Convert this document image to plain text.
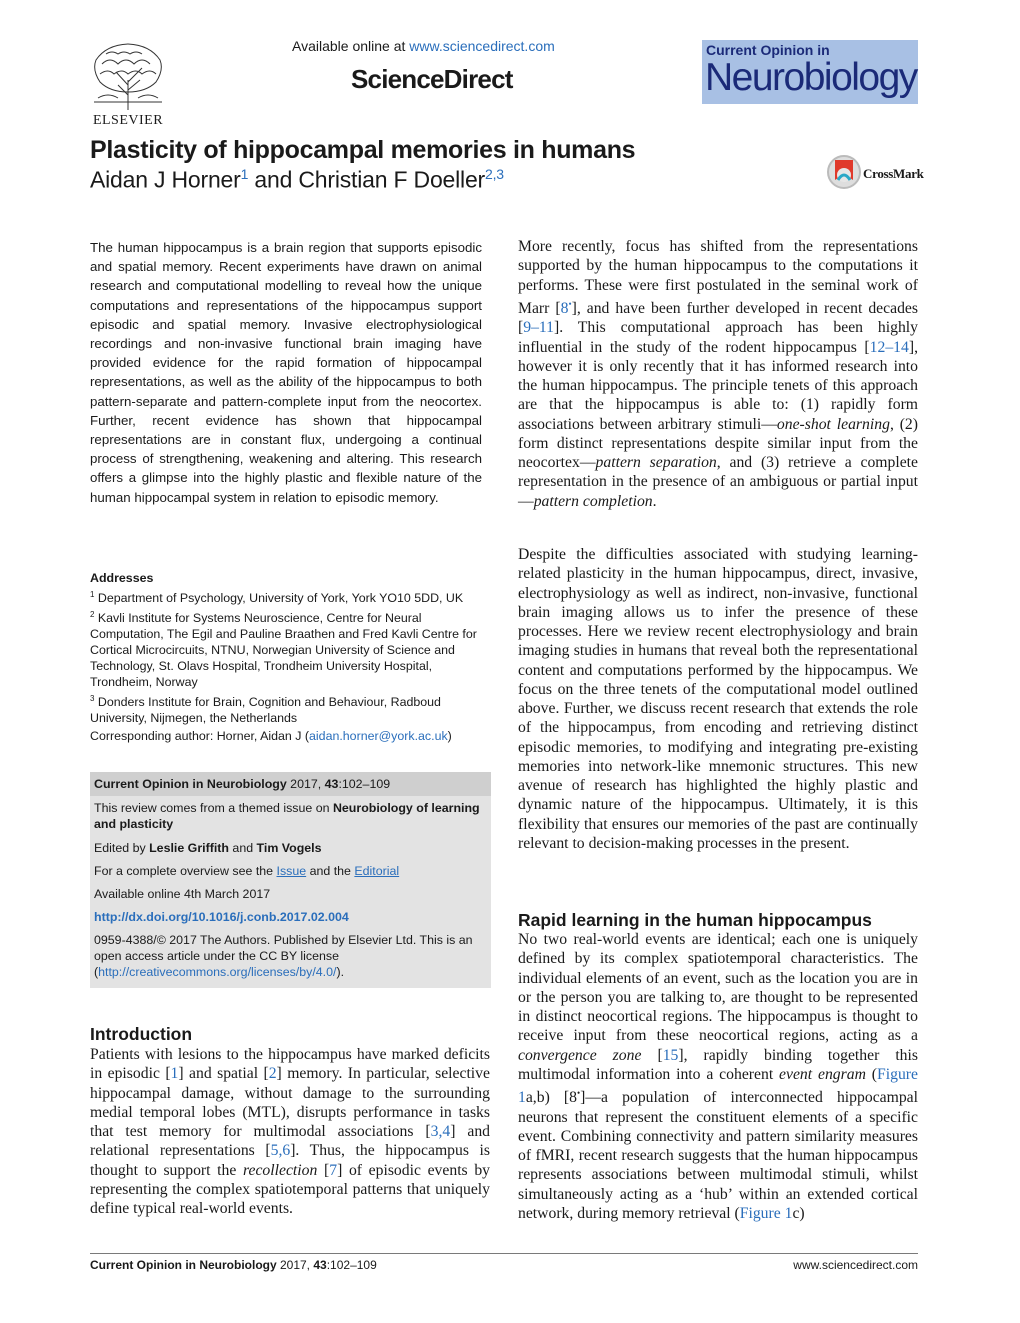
ELSEVIER
Available online at www.sciencedirect.com
ScienceDirect
Current Opinion in
Neurobiology
Plasticity of hippocampal memories in humans
Aidan J Horner$^1$ and Christian F Doeller$^{2,3}$	CrossMark
The human hippocampus is a brain region that supports episodic and spatial memory. Recent experiments have drawn on animal research and computational modelling to reveal how the unique computations and representations of the hippocampus support episodic and spatial memory. Invasive electrophysiological recordings and non-invasive functional brain imaging have provided evidence for the rapid formation of hippocampal representations, as well as the ability of the hippocampus to both pattern-separate and pattern-complete input from the neocortex. Further, recent evidence has shown that hippocampal representations are in constant flux, undergoing a continual process of strengthening, weakening and altering. This research offers a glimpse into the highly plastic and flexible nature of the human hippocampal system in relation to episodic memory.
Addresses
$^1$ Department of Psychology, University of York, York YO10 5DD, UK
$^2$ Kavli Institute for Systems Neuroscience, Centre for Neural Computation, The Egil and Pauline Braathen and Fred Kavli Centre for Cortical Microcircuits, NTNU, Norwegian University of Science and Technology, St. Olavs Hospital, Trondheim University Hospital, Trondheim, Norway
$^3$ Donders Institute for Brain, Cognition and Behaviour, Radboud University, Nijmegen, the Netherlands
Corresponding author: Horner, Aidan J (aidan.horner@york.ac.uk)
Current Opinion in Neurobiology 2017, 43:102–109
This review comes from a themed issue on Neurobiology of learning and plasticity
Edited by Leslie Griffith and Tim Vogels
For a complete overview see the Issue and the Editorial
Available online 4th March 2017
http://dx.doi.org/10.1016/j.conb.2017.02.004
0959-4388/© 2017 The Authors. Published by Elsevier Ltd. This is an open access article under the CC BY license (http://creativecommons.org/licenses/by/4.0/).
Introduction
Patients with lesions to the hippocampus have marked deficits in episodic [1] and spatial [2] memory. In particular, selective hippocampal damage, without damage to the surrounding medial temporal lobes (MTL), disrupts performance in tasks that test memory for multimodal associations [3,4] and relational representations [5,6]. Thus, the hippocampus is thought to support the recollection [7] of episodic events by representing the complex spatiotemporal patterns that uniquely define typical real-world events.
More recently, focus has shifted from the representations supported by the human hippocampus to the computations it performs. These were first postulated in the seminal work of Marr [8•], and have been further developed in recent decades [9–11]. This computational approach has been highly influential in the study of the rodent hippocampus [12–14], however it is only recently that it has informed research into the human hippocampus. The principle tenets of this approach are that the hippocampus is able to: (1) rapidly form associations between arbitrary stimuli—one-shot learning, (2) form distinct representations despite similar input from the neocortex—pattern separation, and (3) retrieve a complete representation in the presence of an ambiguous or partial input —pattern completion.
Despite the difficulties associated with studying learning-related plasticity in the human hippocampus, direct, invasive, electrophysiology as well as indirect, non-invasive, functional brain imaging allows us to infer the presence of these processes. Here we review recent electrophysiology and brain imaging studies in humans that reveal both the representational content and computations performed by the hippocampus. We focus on the three tenets of the computational model outlined above. Further, we discuss recent research that extends the role of the hippocampus, from encoding and retrieving distinct episodic memories, to modifying and integrating pre-existing memories into network-like mnemonic structures. This new avenue of research has highlighted the highly plastic and dynamic nature of the hippocampus. Ultimately, it is this flexibility that ensures our memories of the past are continually relevant to decision-making processes in the present.
Rapid learning in the human hippocampus
No two real-world events are identical; each one is uniquely defined by its complex spatiotemporal characteristics. The individual elements of an event, such as the location you are in or the person you are talking to, are thought to be represented in distinct neocortical regions. The hippocampus is thought to receive input from these neocortical regions, acting as a convergence zone [15], rapidly binding together this multimodal information into a coherent event engram (Figure 1a,b) [8•]—a population of interconnected hippocampal neurons that represent the constituent elements of a specific event. Combining connectivity and pattern similarity measures of fMRI, recent research suggests that the human hippocampus represents associations between multimodal stimuli, whilst simultaneously acting as a ‘hub’ within an extended cortical network, during memory retrieval (Figure 1c)
Current Opinion in Neurobiology 2017, 43:102–109	www.sciencedirect.com
